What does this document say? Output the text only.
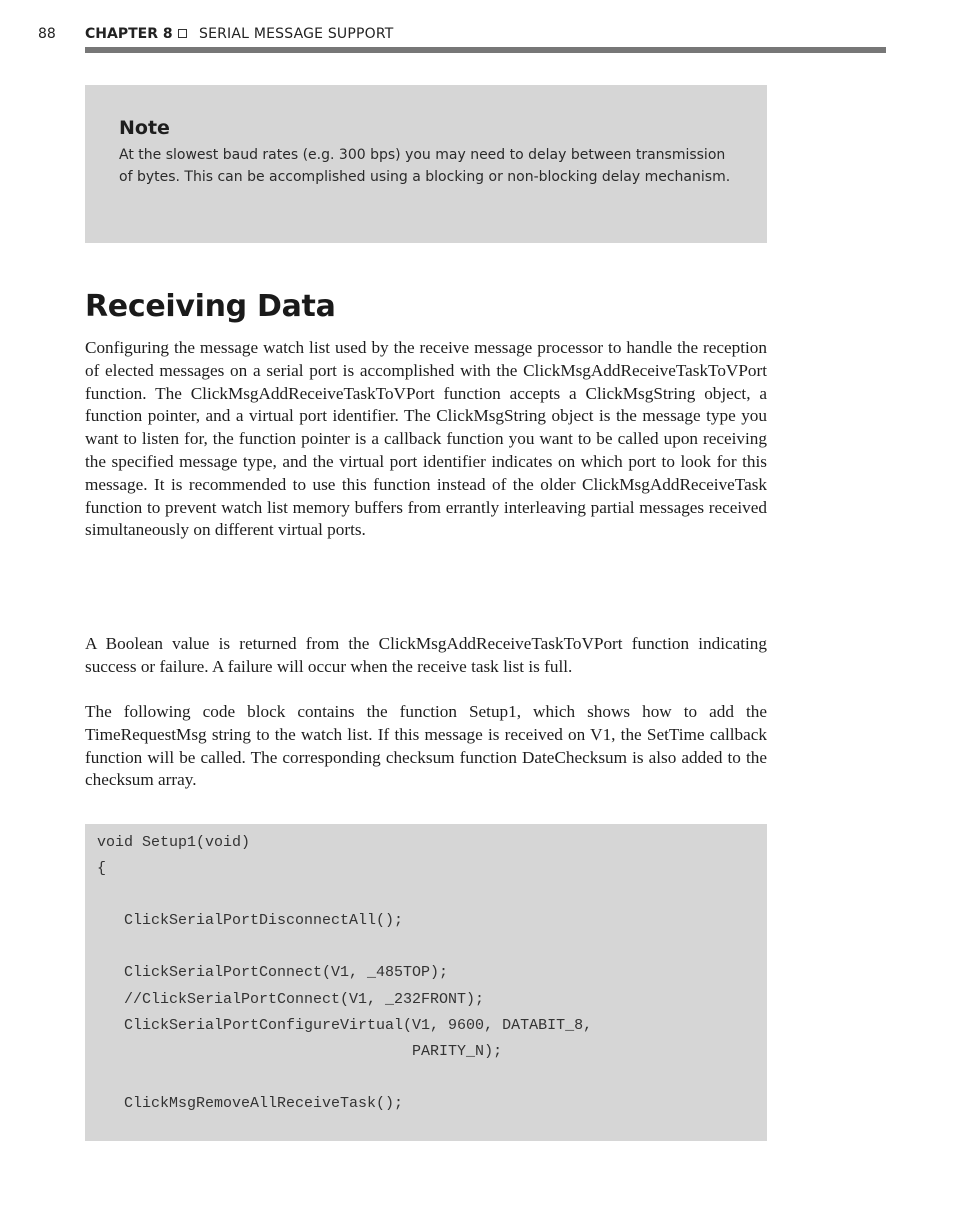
88 CHAPTER 8 SERIAL MESSAGE SUPPORT
Note
At the slowest baud rates (e.g. 300 bps) you may need to delay between transmission of bytes. This can be accomplished using a blocking or non-blocking delay mechanism.
Receiving Data
Configuring the message watch list used by the receive message processor to handle the reception of elected messages on a serial port is accomplished with the ClickMsgAddReceiveTaskToVPort function. The ClickMsgAddReceiveTaskToVPort function accepts a ClickMsgString object, a function pointer, and a virtual port identifier. The ClickMsgString object is the message type you want to listen for, the function pointer is a callback function you want to be called upon receiving the specified message type, and the virtual port identifier indicates on which port to look for this message. It is recommended to use this function instead of the older ClickMsgAddReceiveTask function to prevent watch list memory buffers from errantly interleaving partial messages received simultaneously on different virtual ports.
A Boolean value is returned from the ClickMsgAddReceiveTaskToVPort function indicating success or failure. A failure will occur when the receive task list is full.
The following code block contains the function Setup1, which shows how to add the TimeRequestMsg string to the watch list. If this message is received on V1, the SetTime callback function will be called. The corresponding checksum function DateChecksum is also added to the checksum array.
void Setup1(void)
{
ClickSerialPortDisconnectAll();
ClickSerialPortConnect(V1, _485TOP);
//ClickSerialPortConnect(V1, _232FRONT);
ClickSerialPortConfigureVirtual(V1, 9600, DATABIT_8,
PARITY_N);
ClickMsgRemoveAllReceiveTask();
